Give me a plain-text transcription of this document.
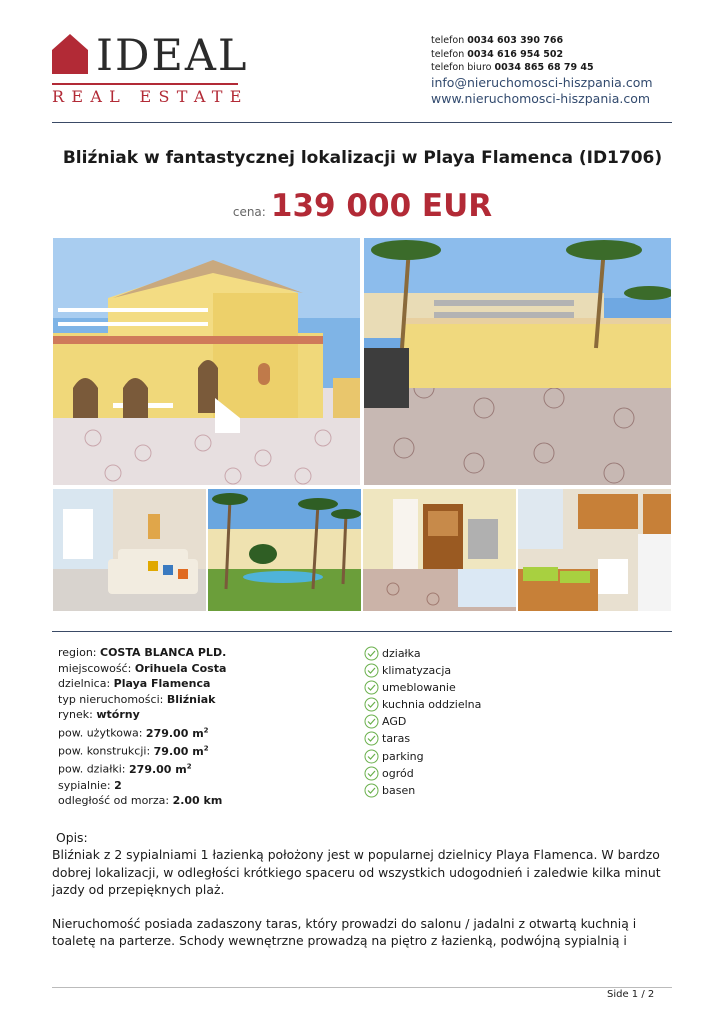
IDEAL
REAL ESTATE
telefon 0034 603 390 766
telefon 0034 616 954 502
telefon biuro 0034 865 68 79 45
info@nieruchomosci-hiszpania.com
www.nieruchomosci-hiszpania.com
Bliźniak w fantastycznej lokalizacji w Playa Flamenca (ID1706)
cena: 139 000 EUR
region: COSTA BLANCA PLD.
miejscowość: Orihuela Costa
dzielnica: Playa Flamenca
typ nieruchomości: Bliźniak
rynek: wtórny
pow. użytkowa: 279.00 $m^2$
pow. konstrukcji: 79.00 $m^2$
pow. działki: 279.00 $m^2$
sypialnie: 2
odległość od morza: 2.00 km
działka
klimatyzacja
umeblowanie
kuchnia oddzielna
AGD
taras
parking
ogród
basen

Opis:

Bliźniak z 2 sypialniami 1 łazienką położony jest w popularnej dzielnicy Playa Flamenca. W bardzo dobrej lokalizacji, w odległości krótkiego spaceru od wszystkich udogodnień i zaledwie kilka minut jazdy od przepięknych plaż.

Nieruchomość posiada zadaszony taras, który prowadzi do salonu / jadalni z otwartą kuchnią i toaletę na parterze. Schody wewnętrzne prowadzą na piętro z łazienką, podwójną sypialnią i

Side 1 / 2
